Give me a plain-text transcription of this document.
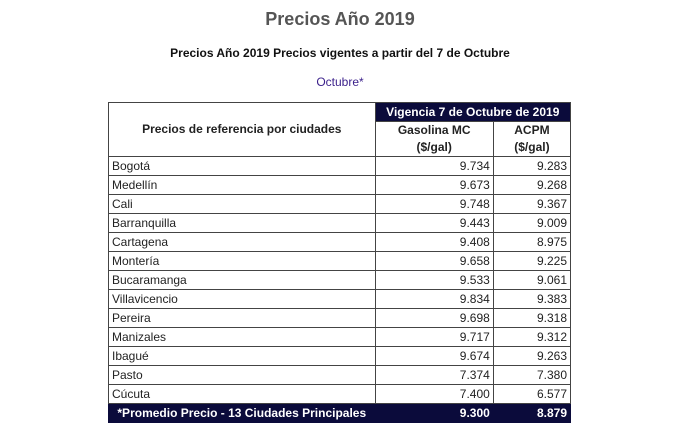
Precios Año 2019
Precios Año 2019 Precios vigentes a partir del 7 de Octubre
Octubre*
Precios de referencia por ciudades	Vigencia 7 de Octubre de 2019	
	Gasolina MC ($/gal)	ACPM ($/gal)
Bogotá	9.734	9.283
Medellín	9.673	9.268
Cali	9.748	9.367
Barranquilla	9.443	9.009
Cartagena	9.408	8.975
Montería	9.658	9.225
Bucaramanga	9.533	9.061
Villavicencio	9.834	9.383
Pereira	9.698	9.318
Manizales	9.717	9.312
Ibagué	9.674	9.263
Pasto	7.374	7.380
Cúcuta	7.400	6.577
*Promedio Precio - 13 Ciudades Principales	9.300	8.879
